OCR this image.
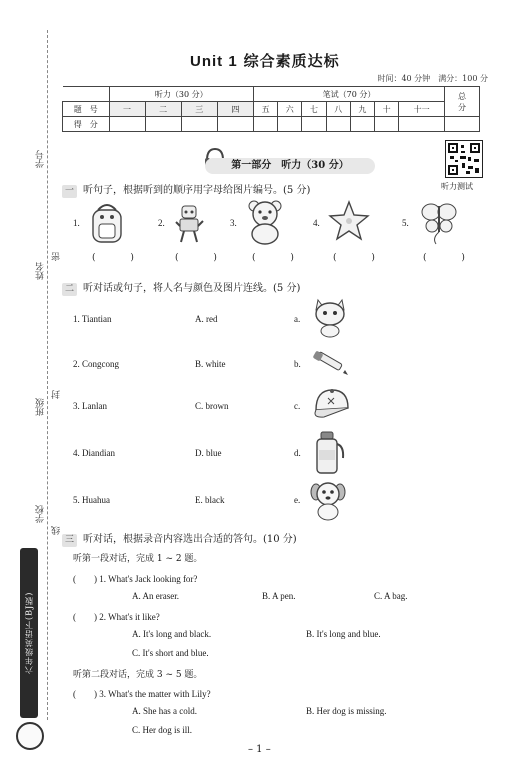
学号
姓名
密
班级
封
学校
线
六年级英语下(BJ版)
Unit 1 综合素质达标
时间：40 分钟 满分：100 分
	听力（30 分）				笔试（70 分）							总
分
题　号	一	二	三	四	五	六	七	八	九	十	十一	
得　分												
第一部分　听力（30 分）
听力测试
一 听句子，根据听到的顺序用字母给图片编号。(5 分)
1.	2.	3.	4.	5.
( )	( ) ( )	( )	( )
二 听对话或句子，将人名与颜色及图片连线。(5 分)
1. Tiantian	A. red	a.
2. Congcong	B. white	b.
3. Lanlan	C. brown	c.
4. Diandian	D. blue	d.
5. Huahua	E. black	e.
三 听对话，根据录音内容选出合适的答句。(10 分)
听第一段对话，完成 1 ~ 2 题。
(　　) 1. What's Jack looking for?
A. An eraser.	B. A pen.	C. A bag.
(　　) 2. What's it like?
A. It's long and black.	B. It's long and blue.
C. It's short and blue.
听第二段对话，完成 3 ~ 5 题。
(　　) 3. What's the matter with Lily?
A. She has a cold.	B. Her dog is missing.
C. Her dog is ill.
– 1 –
